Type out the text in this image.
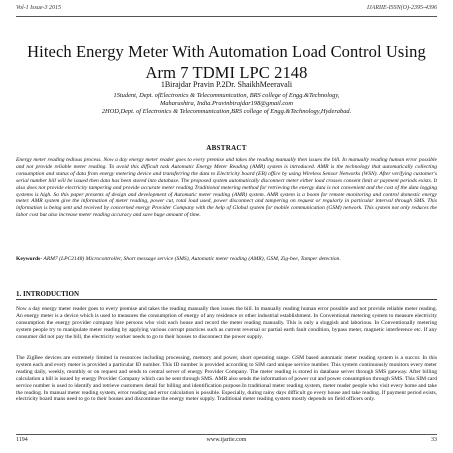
Vol-1 Issue-3 2015	IJARIIE-ISSN(O)-2395-4396
Hitech Energy Meter With Automation Load Control Using Arm 7 TDMI LPC 2148
1Birajdar Pravin P.2Dr. ShaikhMeeravali
1Student, Dept. ofElectronics & Telecommunication, BRS college of Engg.&Technology,
Maharashtra, India.Pravinbirajdar198@gmail.com
2HOD,Dept. of Electronics & Telecommunication,BRS college of Engg.&Technology,Hyderabad.
ABSTRACT

Energy meter reading tedious process. Now a day energy meter reader goes to every premise and takes the reading manually then issues the bill. In manually reading human error possible and not provide reliable meter reading. To avoid this difficult task Automatic Energy Meter Reading (AMR) system is introduced. AMR is the technology that automatically collecting consumption and status of data from energy metering device and transferring the data to Electricity board (EB) office by using Wireless Sensor Networks (WSN). After verifying customer's serial number bill will be issued then data has been stored into database. The proposed system automatically disconnect meter either load crosses consent limit or payment periods exists. It also does not provide electricity tampering and provide accurate meter reading Traditional metering method for retrieving the energy data is not convenient and the cost of the data logging systems is high. So this paper presents of design and development of Automatic meter reading (AMR) system. AMR system is a boom for remote monitoring and control domestic energy meter. AMR system give the information of meter reading, power cut, total load used, power disconnect and tampering on request or regularly in particular interval through SMS. This information is being sent and received by concerned energy Provider Company with the help of Global system for mobile communication (GSM) network. This system not only reduces the labor cost but also increase meter reading accuracy and save huge amount of time.

Keywords- ARM7 (LPC2148) Microcontroller, Short message service (SMS), Automatic meter reading (AMR), GSM, Zig-bee, Tamper detection.

1. INTRODUCTION

Now a day energy meter reader goes to every premise and takes the reading manually then issues the bill. In manually reading human error possible and not provide reliable meter reading. An energy meter is a device which is used to measures the consumption of energy of any residence or other industrial establishment. In Conventional metering system to measure electricity consumption the energy provider company hire persons who visit each house and record the meter reading manually. This is only a sluggish and laborious. In Conventionally metering system people try to manipulate meter reading by applying various corrupt practices such as current reversal or partial earth fault condition, bypass meter, magnetic interference etc. If any consumer did not pay the bill, the electricity worker needs to go to their houses to disconnect the power supply.

The ZigBee devices are extremely limited in resources including processing, memory and power, short operating range. GSM based automatic meter reading system is a succor. In this system each and every meter is provided a particular ID number. This ID number is provided according to SIM card unique service number. This system continuously monitors every meter reading daily, weekly, monthly or on request and sends to central server of energy Provider Company. The meter reading is stored in database server through SMS gateway. After billing calculation a bill is issued by energy Provider Company which can be sent through SMS. AMR also sends the information of power cut and power consumption through SMS. This SIM card service number is used to identify and retrieve customers detail for billing and identification purpose.In traditional meter reading system, meter reader people who visit every home and take the reading. In manual meter reading system, error reading and error calculation is possible. Especially, during rainy days difficult go every house and take reading. If payment period exists, electricity board mans need to go to their houses and discontinue the energy meter supply. Traditional meter reading system mostly depends on field officers only.

1194	www.ijariie.com	33
